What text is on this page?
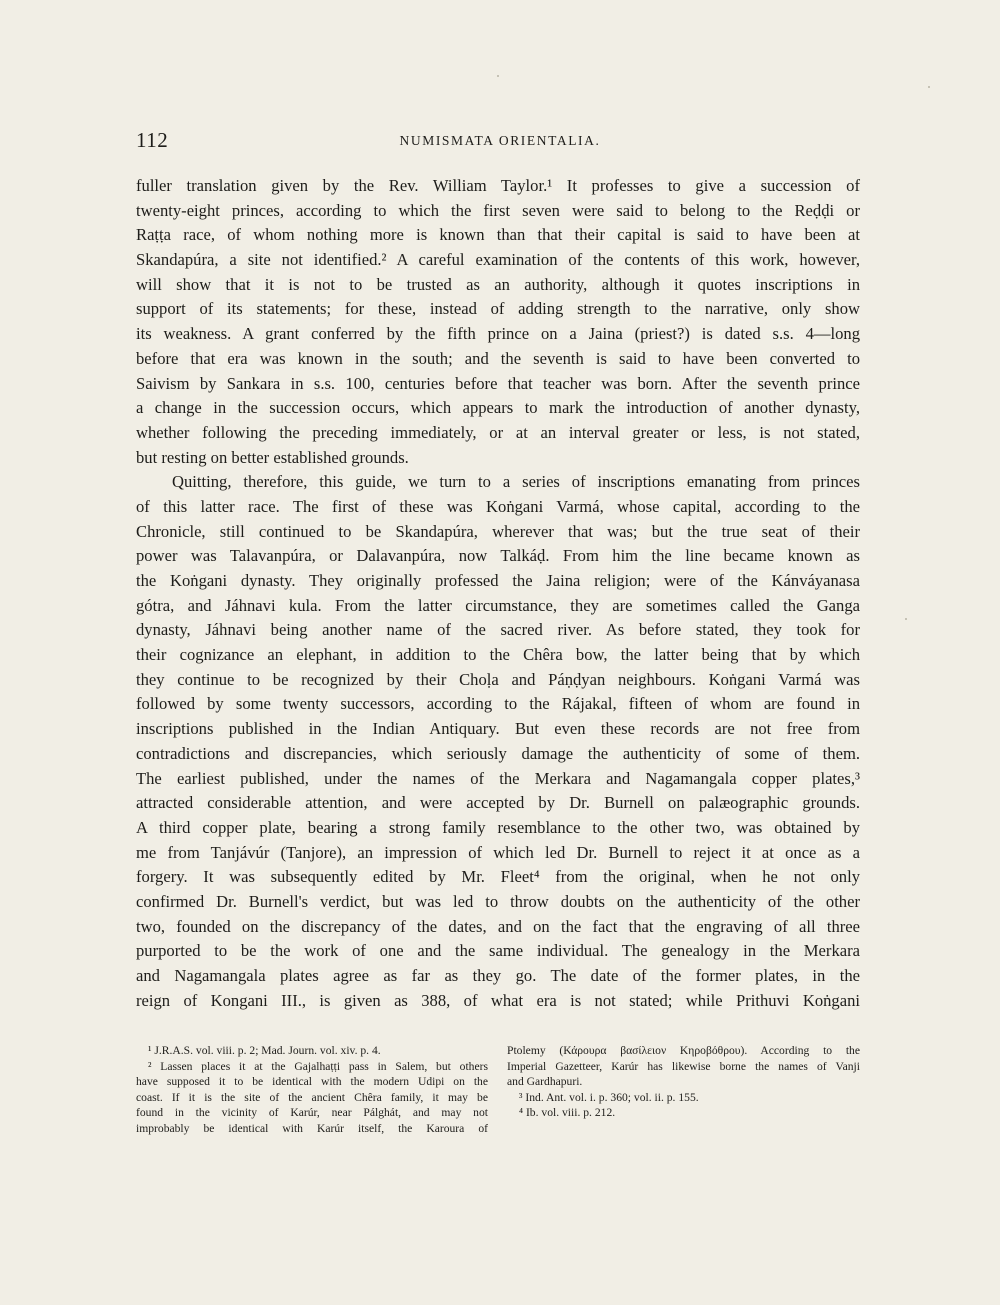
112	NUMISMATA ORIENTALIA.
fuller translation given by the Rev. William Taylor.¹ It professes to give a succession of
twenty-eight princes, according to which the first seven were said to belong to the Reḍḍi or
Raṭṭa race, of whom nothing more is known than that their capital is said to have been at
Skandapúra, a site not identified.² A careful examination of the contents of this work, however,
will show that it is not to be trusted as an authority, although it quotes inscriptions in
support of its statements; for these, instead of adding strength to the narrative, only show
its weakness. A grant conferred by the fifth prince on a Jaina (priest?) is dated s.s. 4—long
before that era was known in the south; and the seventh is said to have been converted to
Saivism by Sankara in s.s. 100, centuries before that teacher was born. After the seventh prince
a change in the succession occurs, which appears to mark the introduction of another dynasty,
whether following the preceding immediately, or at an interval greater or less, is not stated,
but resting on better established grounds.
Quitting, therefore, this guide, we turn to a series of inscriptions emanating from princes
of this latter race. The first of these was Koṅgani Varmá, whose capital, according to the
Chronicle, still continued to be Skandapúra, wherever that was; but the true seat of their
power was Talavanpúra, or Dalavanpúra, now Talkáḍ. From him the line became known as
the Koṅgani dynasty. They originally professed the Jaina religion; were of the Kánváyanasa
gótra, and Jáhnavi kula. From the latter circumstance, they are sometimes called the Ganga
dynasty, Jáhnavi being another name of the sacred river. As before stated, they took for
their cognizance an elephant, in addition to the Chêra bow, the latter being that by which
they continue to be recognized by their Choḷa and Páṇḍyan neighbours. Koṅgani Varmá was
followed by some twenty successors, according to the Rájakal, fifteen of whom are found in
inscriptions published in the Indian Antiquary. But even these records are not free from
contradictions and discrepancies, which seriously damage the authenticity of some of them.
The earliest published, under the names of the Merkara and Nagamangala copper plates,³
attracted considerable attention, and were accepted by Dr. Burnell on palæographic grounds.
A third copper plate, bearing a strong family resemblance to the other two, was obtained by
me from Tanjávúr (Tanjore), an impression of which led Dr. Burnell to reject it at once as a
forgery. It was subsequently edited by Mr. Fleet⁴ from the original, when he not only
confirmed Dr. Burnell's verdict, but was led to throw doubts on the authenticity of the other
two, founded on the discrepancy of the dates, and on the fact that the engraving of all three
purported to be the work of one and the same individual. The genealogy in the Merkara
and Nagamangala plates agree as far as they go. The date of the former plates, in the
reign of Kongani III., is given as 388, of what era is not stated; while Prithuvi Koṅgani
¹ J.R.A.S. vol. viii. p. 2; Mad. Journ. vol. xiv. p. 4.
² Lassen places it at the Gajalhaṭṭi pass in Salem, but others
have supposed it to be identical with the modern Udipi on the
coast. If it is the site of the ancient Chêra family, it may be
found in the vicinity of Karúr, near Pálghát, and may not
improbably be identical with Karúr itself, the Karoura of
Ptolemy (Κάρουρα βασίλειον Κηροβόθρου). According to the
Imperial Gazetteer, Karúr has likewise borne the names of Vanji
and Gardhapuri.
³ Ind. Ant. vol. i. p. 360; vol. ii. p. 155.
⁴ Ib. vol. viii. p. 212.
